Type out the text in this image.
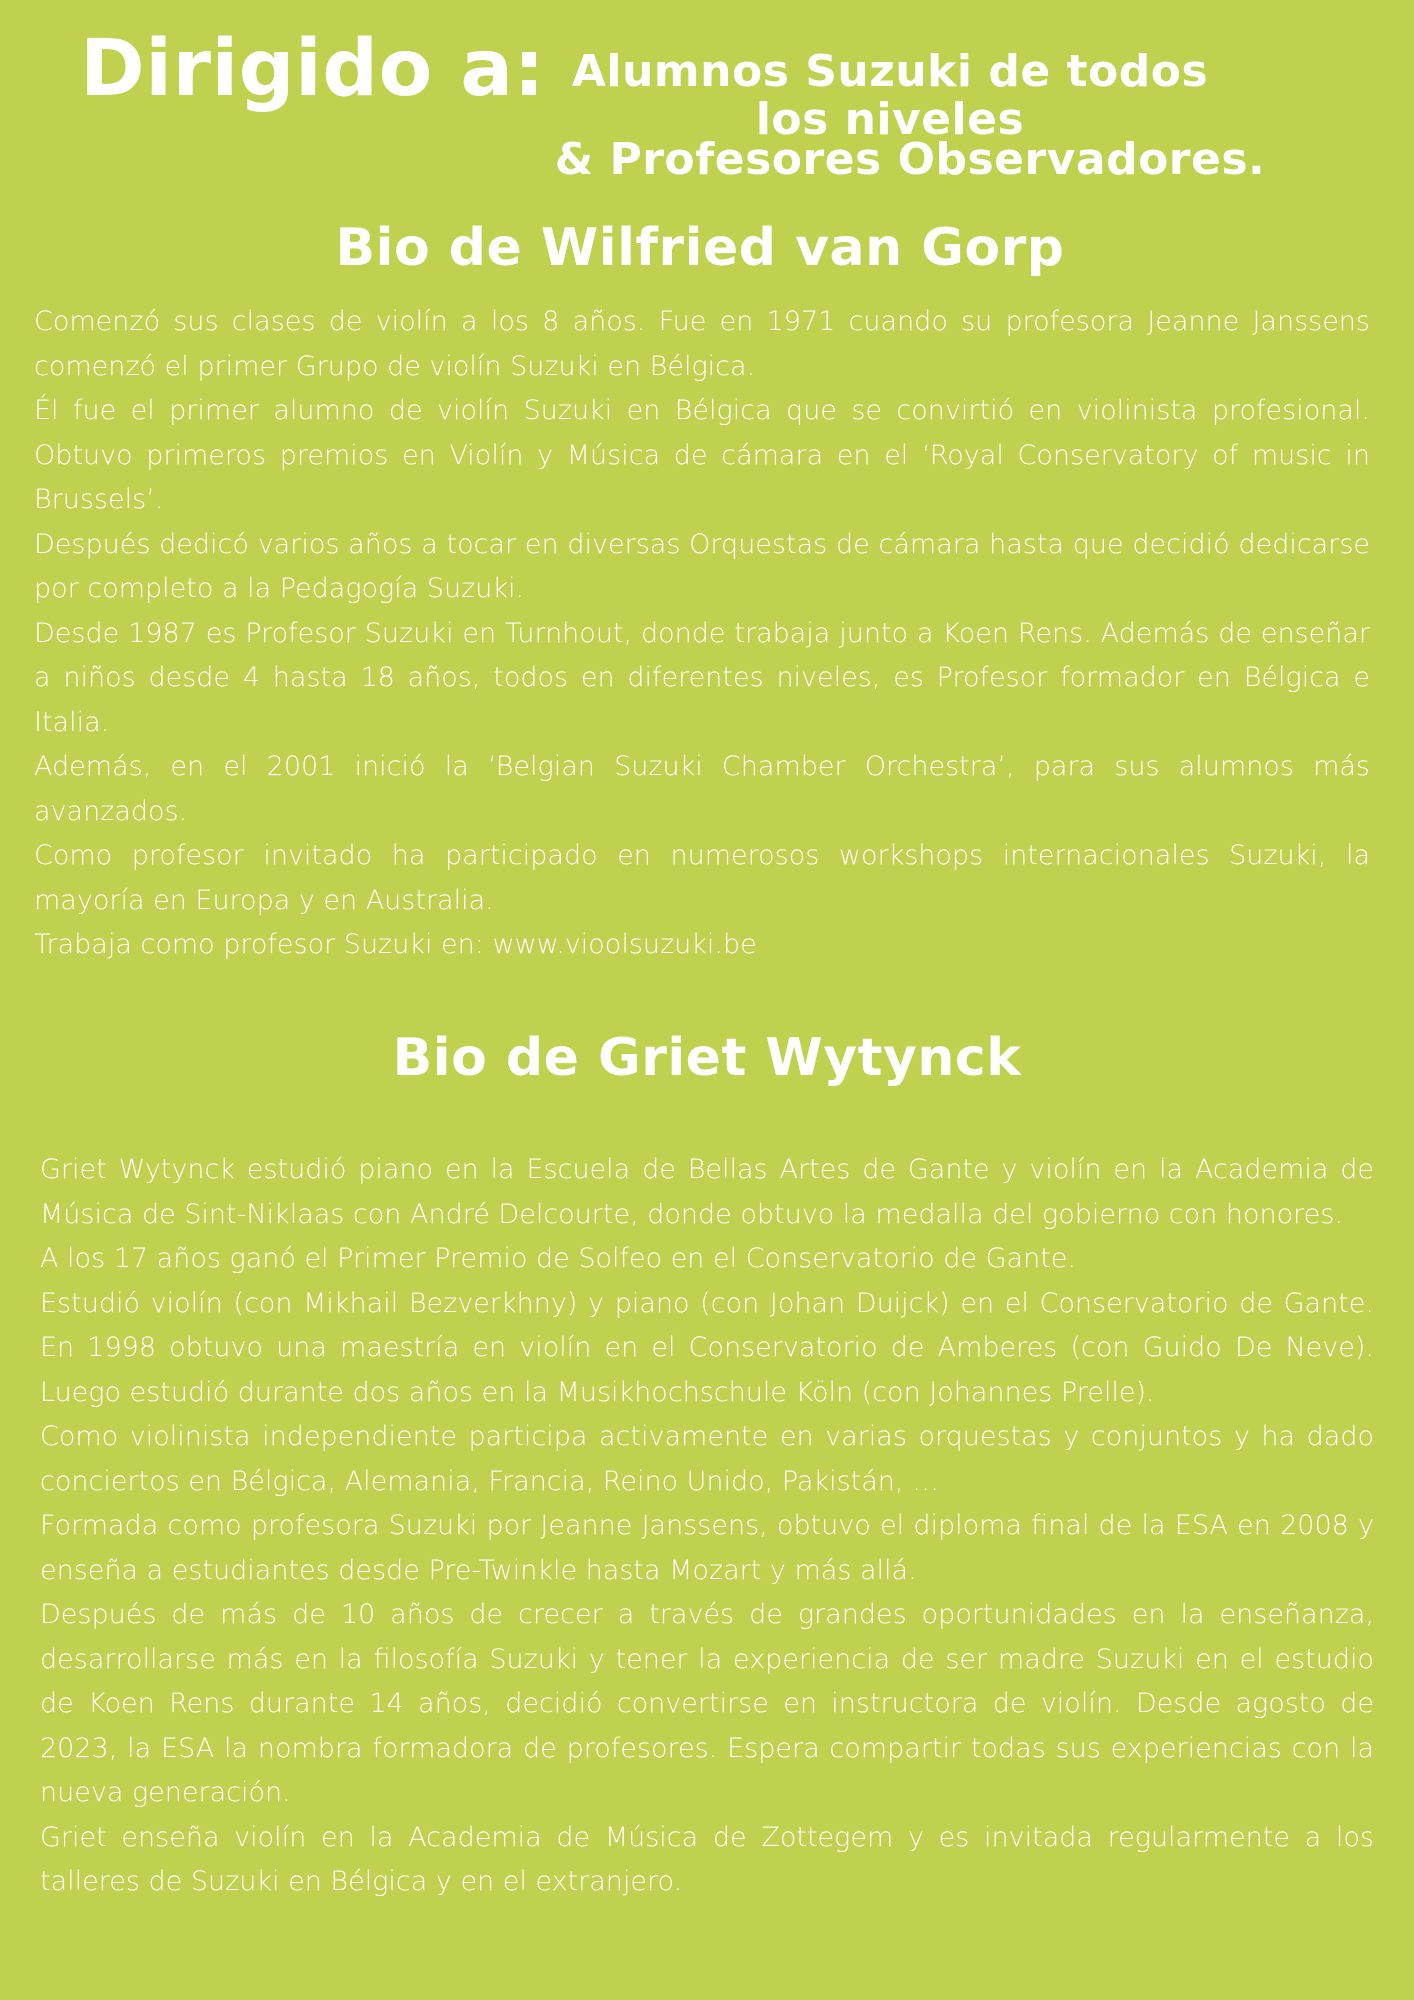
Dirigido a: Alumnos Suzuki de todos los niveles
& Profesores Observadores.
Bio de Wilfried van Gorp

Comenzó sus clases de violín a los 8 años. Fue en 1971 cuando su profesora Jeanne Janssens comenzó el primer Grupo de violín Suzuki en Bélgica.

Él fue el primer alumno de violín Suzuki en Bélgica que se convirtió en violinista profesional. Obtuvo primeros premios en Violín y Música de cámara en el ‘Royal Conservatory of music in Brussels’.

Después dedicó varios años a tocar en diversas Orquestas de cámara hasta que decidió dedicarse por completo a la Pedagogía Suzuki.

Desde 1987 es Profesor Suzuki en Turnhout, donde trabaja junto a Koen Rens. Además de enseñar a niños desde 4 hasta 18 años, todos en diferentes niveles, es Profesor formador en Bélgica e Italia.

Además, en el 2001 inició la ‘Belgian Suzuki Chamber Orchestra’, para sus alumnos más avanzados.

Como profesor invitado ha participado en numerosos workshops internacionales Suzuki, la mayoría en Europa y en Australia.

Trabaja como profesor Suzuki en: www.vioolsuzuki.be

Bio de Griet Wytynck

Griet Wytynck estudió piano en la Escuela de Bellas Artes de Gante y violín en la Academia de Música de Sint-Niklaas con André Delcourte, donde obtuvo la medalla del gobierno con honores.

A los 17 años ganó el Primer Premio de Solfeo en el Conservatorio de Gante.

Estudió violín (con Mikhail Bezverkhny) y piano (con Johan Duijck) en el Conservatorio de Gante. En 1998 obtuvo una maestría en violín en el Conservatorio de Amberes (con Guido De Neve). Luego estudió durante dos años en la Musikhochschule Köln (con Johannes Prelle).

Como violinista independiente participa activamente en varias orquestas y conjuntos y ha dado conciertos en Bélgica, Alemania, Francia, Reino Unido, Pakistán, …

Formada como profesora Suzuki por Jeanne Janssens, obtuvo el diploma final de la ESA en 2008 y enseña a estudiantes desde Pre-Twinkle hasta Mozart y más allá.

Después de más de 10 años de crecer a través de grandes oportunidades en la enseñanza, desarrollarse más en la filosofía Suzuki y tener la experiencia de ser madre Suzuki en el estudio de Koen Rens durante 14 años, decidió convertirse en instructora de violín. Desde agosto de 2023, la ESA la nombra formadora de profesores. Espera compartir todas sus experiencias con la nueva generación.

Griet enseña violín en la Academia de Música de Zottegem y es invitada regularmente a los talleres de Suzuki en Bélgica y en el extranjero.
